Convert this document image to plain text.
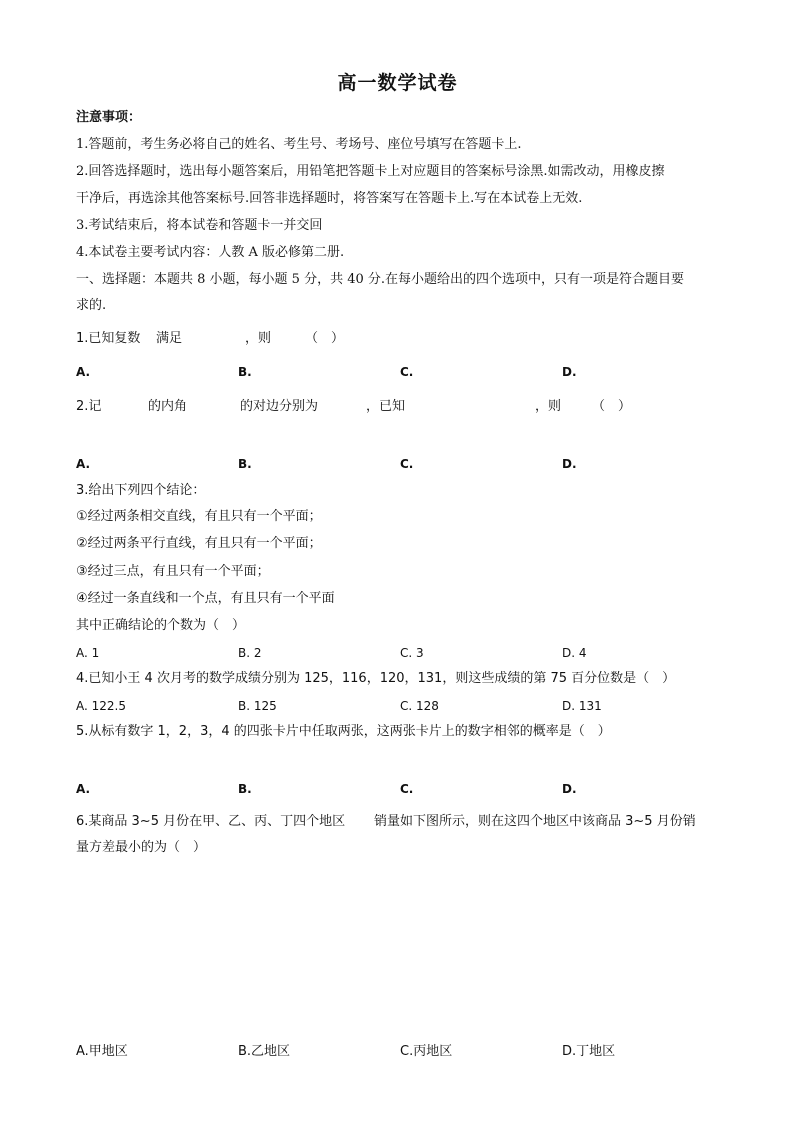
高一数学试卷
注意事项：
1.答题前，考生务必将自己的姓名、考生号、考场号、座位号填写在答题卡上.
2.回答选择题时，选出每小题答案后，用铅笔把答题卡上对应题目的答案标号涂黑.如需改动，用橡皮擦
干净后，再选涂其他答案标号.回答非选择题时，将答案写在答题卡上.写在本试卷上无效.
3.考试结束后，将本试卷和答题卡一并交回
4.本试卷主要考试内容：人教 A 版必修第二册.
一、选择题：本题共 8 小题，每小题 5 分，共 40 分.在每小题给出的四个选项中，只有一项是符合题目要
求的.
1.已知复数 满足	，则	（　）
A.	B.	C.	D.
2.记	的内角	的对边分别为	，已知	，则 （　）
A.	B.	C.	D.
3.给出下列四个结论：
①经过两条相交直线，有且只有一个平面；
②经过两条平行直线，有且只有一个平面；
③经过三点，有且只有一个平面；
④经过一条直线和一个点，有且只有一个平面
其中正确结论的个数为（　）
A. 1	B. 2	C. 3	D. 4
4.已知小王 4 次月考的数学成绩分别为 125，116，120，131，则这些成绩的第 75 百分位数是（　）
A. 122.5	B. 125	C. 128	D. 131
5.从标有数字 1，2，3，4 的四张卡片中任取两张，这两张卡片上的数字相邻的概率是（　）
A.	B.	C.	D.
6.某商品 3~5 月份在甲、乙、丙、丁四个地区 销量如下图所示，则在这四个地区中该商品 3~5 月份销
量方差最小的为（　）
A.甲地区	B.乙地区	C.丙地区	D.丁地区
